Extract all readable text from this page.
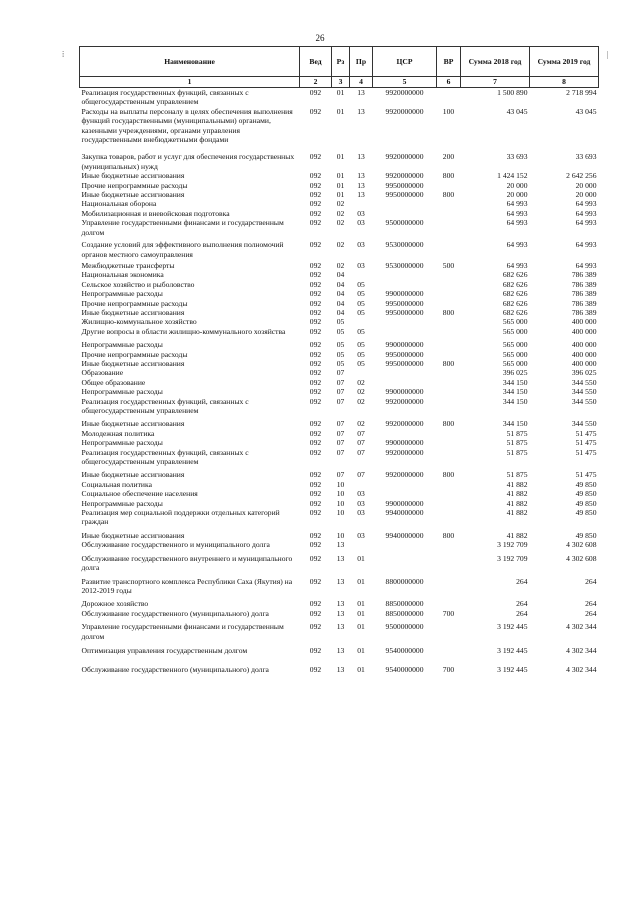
26
⁞	|
Наименование	Вед	Рз	Пр	ЦСР	ВР	Сумма 2018 год	Сумма 2019 год
1	2	3	4	5	6	7	8
Реализация государственных функций, связанных с общегосударственным управлением	092	01	13	9920000000		1 500 890	2 718 994
Расходы на выплаты персоналу в целях обеспечения выполнения функций государственными (муниципальными) органами, казенными учреждениями, органами управления государственными внебюджетными фондами	092	01	13	9920000000	100	43 045	43 045
Закупка товаров, работ и услуг для обеспечения государственных (муниципальных) нужд	092	01	13	9920000000	200	33 693	33 693
Иные бюджетные ассигнования	092	01	13	9920000000	800	1 424 152	2 642 256
Прочие непрограммные расходы	092	01	13	9950000000		20 000	20 000
Иные бюджетные ассигнования	092	01	13	9950000000	800	20 000	20 000
Национальная оборона	092	02				64 993	64 993
Мобилизационная и вневойсковая подготовка	092	02	03			64 993	64 993
Управление государственными финансами и государственным долгом	092	02	03	9500000000		64 993	64 993
Создание условий для эффективного выполнения полномочий органов местного самоуправления	092	02	03	9530000000		64 993	64 993
Межбюджетные трансферты	092	02	03	9530000000	500	64 993	64 993
Национальная экономика	092	04				682 626	786 389
Сельское хозяйство и рыболовство	092	04	05			682 626	786 389
Непрограммные расходы	092	04	05	9900000000		682 626	786 389
Прочие непрограммные расходы	092	04	05	9950000000		682 626	786 389
Иные бюджетные ассигнования	092	04	05	9950000000	800	682 626	786 389
Жилищно-коммунальное хозяйство	092	05				565 000	400 000
Другие вопросы в области жилищно-коммунального хозяйства	092	05	05			565 000	400 000
Непрограммные расходы	092	05	05	9900000000		565 000	400 000
Прочие непрограммные расходы	092	05	05	9950000000		565 000	400 000
Иные бюджетные ассигнования	092	05	05	9950000000	800	565 000	400 000
Образование	092	07				396 025	396 025
Общее образование	092	07	02			344 150	344 550
Непрограммные расходы	092	07	02	9900000000		344 150	344 550
Реализация государственных функций, связанных с общегосударственным управлением	092	07	02	9920000000		344 150	344 550
Иные бюджетные ассигнования	092	07	02	9920000000	800	344 150	344 550
Молодежная политика	092	07	07			51 875	51 475
Непрограммные расходы	092	07	07	9900000000		51 875	51 475
Реализация государственных функций, связанных с общегосударственным управлением	092	07	07	9920000000		51 875	51 475
Иные бюджетные ассигнования	092	07	07	9920000000	800	51 875	51 475
Социальная политика	092	10				41 882	49 850
Социальное обеспечение населения	092	10	03			41 882	49 850
Непрограммные расходы	092	10	03	9900000000		41 882	49 850
Реализация мер социальной поддержки отдельных категорий граждан	092	10	03	9940000000		41 882	49 850
Иные бюджетные ассигнования	092	10	03	9940000000	800	41 882	49 850
Обслуживание государственного и муниципального долга	092	13				3 192 709	4 302 608
Обслуживание государственного внутреннего и муниципального долга	092	13	01			3 192 709	4 302 608
Развитие транспортного комплекса Республики Саха (Якутия) на 2012-2019 годы	092	13	01	8800000000		264	264
Дорожное хозяйство	092	13	01	8850000000		264	264
Обслуживание государственного (муниципального) долга	092	13	01	8850000000	700	264	264
Управление государственными финансами и государственным долгом	092	13	01	9500000000		3 192 445	4 302 344
Оптимизация управления государственным долгом	092	13	01	9540000000		3 192 445	4 302 344
Обслуживание государственного (муниципального) долга	092	13	01	9540000000	700	3 192 445	4 302 344
